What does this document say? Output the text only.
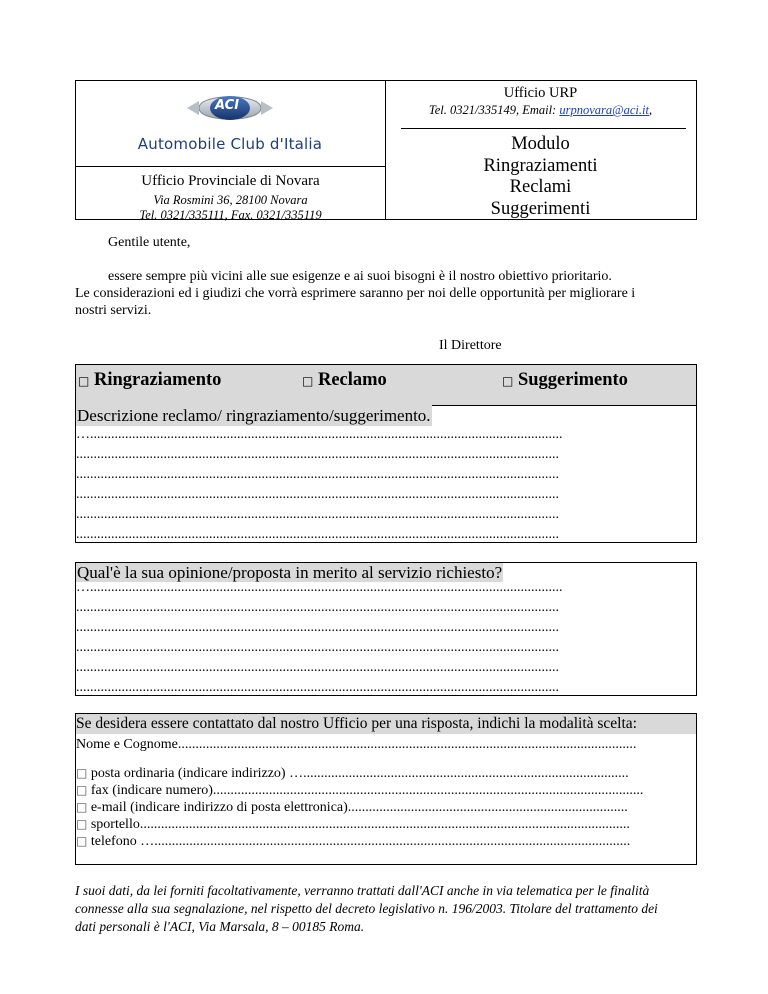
ACI
Automobile Club d'Italia
Ufficio Provinciale di Novara
Via Rosmini 36, 28100 Novara
Tel. 0321/335111, Fax. 0321/335119
Ufficio URP
Tel. 0321/335149, Email: urpnovara@aci.it,
Modulo
Ringraziamenti
Reclami
Suggerimenti
Gentile utente,
essere sempre più vicini alle sue esigenze e ai suoi bisogni è il nostro obiettivo prioritario.
Le considerazioni ed i giudizi che vorrà esprimere saranno per noi delle opportunità per migliorare i
nostri servizi.
Il Direttore
□ Ringraziamento	□ Reclamo	□ Suggerimento
Descrizione reclamo/ ringraziamento/suggerimento.
….......................................................................................................................................
..........................................................................................................................................
..........................................................................................................................................
..........................................................................................................................................
..........................................................................................................................................
..........................................................................................................................................
Qual'è la sua opinione/proposta in merito al servizio richiesto?
….......................................................................................................................................
..........................................................................................................................................
..........................................................................................................................................
..........................................................................................................................................
..........................................................................................................................................
..........................................................................................................................................
Se desidera essere contattato dal nostro Ufficio per una risposta, indichi la modalità scelta:
Nome e Cognome...................................................................................................................................
□ posta ordinaria (indicare indirizzo) ….............................................................................................
□ fax (indicare numero)...........................................................................................................................
□ e-mail (indicare indirizzo di posta elettronica)................................................................................
□ sportello............................................................................................................................................
□ telefono …........................................................................................................................................
I suoi dati, da lei forniti facoltativamente, verranno trattati dall'ACI anche in via telematica per le finalità
connesse alla sua segnalazione, nel rispetto del decreto legislativo n. 196/2003. Titolare del trattamento dei
dati personali è l'ACI, Via Marsala, 8 – 00185 Roma.
